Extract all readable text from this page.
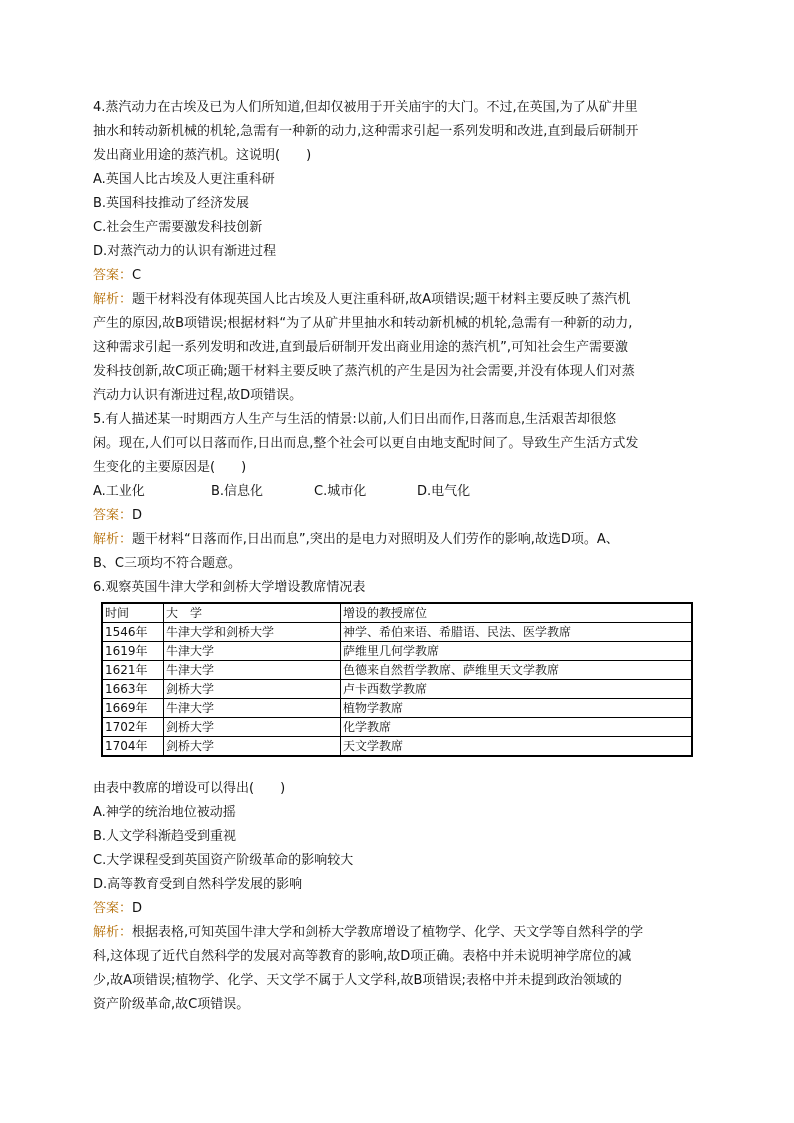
4.蒸汽动力在古埃及已为人们所知道,但却仅被用于开关庙宇的大门。不过,在英国,为了从矿井里
抽水和转动新机械的机轮,急需有一种新的动力,这种需求引起一系列发明和改进,直到最后研制开
发出商业用途的蒸汽机。这说明(　　)
A.英国人比古埃及人更注重科研
B.英国科技推动了经济发展
C.社会生产需要激发科技创新
D.对蒸汽动力的认识有渐进过程
答案：C
解析：题干材料没有体现英国人比古埃及人更注重科研,故A项错误;题干材料主要反映了蒸汽机
产生的原因,故B项错误;根据材料“为了从矿井里抽水和转动新机械的机轮,急需有一种新的动力,
这种需求引起一系列发明和改进,直到最后研制开发出商业用途的蒸汽机”,可知社会生产需要激
发科技创新,故C项正确;题干材料主要反映了蒸汽机的产生是因为社会需要,并没有体现人们对蒸
汽动力认识有渐进过程,故D项错误。
5.有人描述某一时期西方人生产与生活的情景:以前,人们日出而作,日落而息,生活艰苦却很悠
闲。现在,人们可以日落而作,日出而息,整个社会可以更自由地支配时间了。导致生产生活方式发
生变化的主要原因是(　　)
A.工业化	B.信息化	C.城市化	D.电气化
答案：D
解析：题干材料“日落而作,日出而息”,突出的是电力对照明及人们劳作的影响,故选D项。A、
B、C三项均不符合题意。
6.观察英国牛津大学和剑桥大学增设教席情况表
时间	大　学	增设的教授席位
1546年	牛津大学和剑桥大学	神学、希伯来语、希腊语、民法、医学教席
1619年	牛津大学	萨维里几何学教席
1621年	牛津大学	色德来自然哲学教席、萨维里天文学教席
1663年	剑桥大学	卢卡西数学教席
1669年	牛津大学	植物学教席
1702年	剑桥大学	化学教席
1704年	剑桥大学	天文学教席
由表中教席的增设可以得出(　　)
A.神学的统治地位被动摇
B.人文学科渐趋受到重视
C.大学课程受到英国资产阶级革命的影响较大
D.高等教育受到自然科学发展的影响
答案：D
解析：根据表格,可知英国牛津大学和剑桥大学教席增设了植物学、化学、天文学等自然科学的学
科,这体现了近代自然科学的发展对高等教育的影响,故D项正确。表格中并未说明神学席位的减
少,故A项错误;植物学、化学、天文学不属于人文学科,故B项错误;表格中并未提到政治领域的
资产阶级革命,故C项错误。
